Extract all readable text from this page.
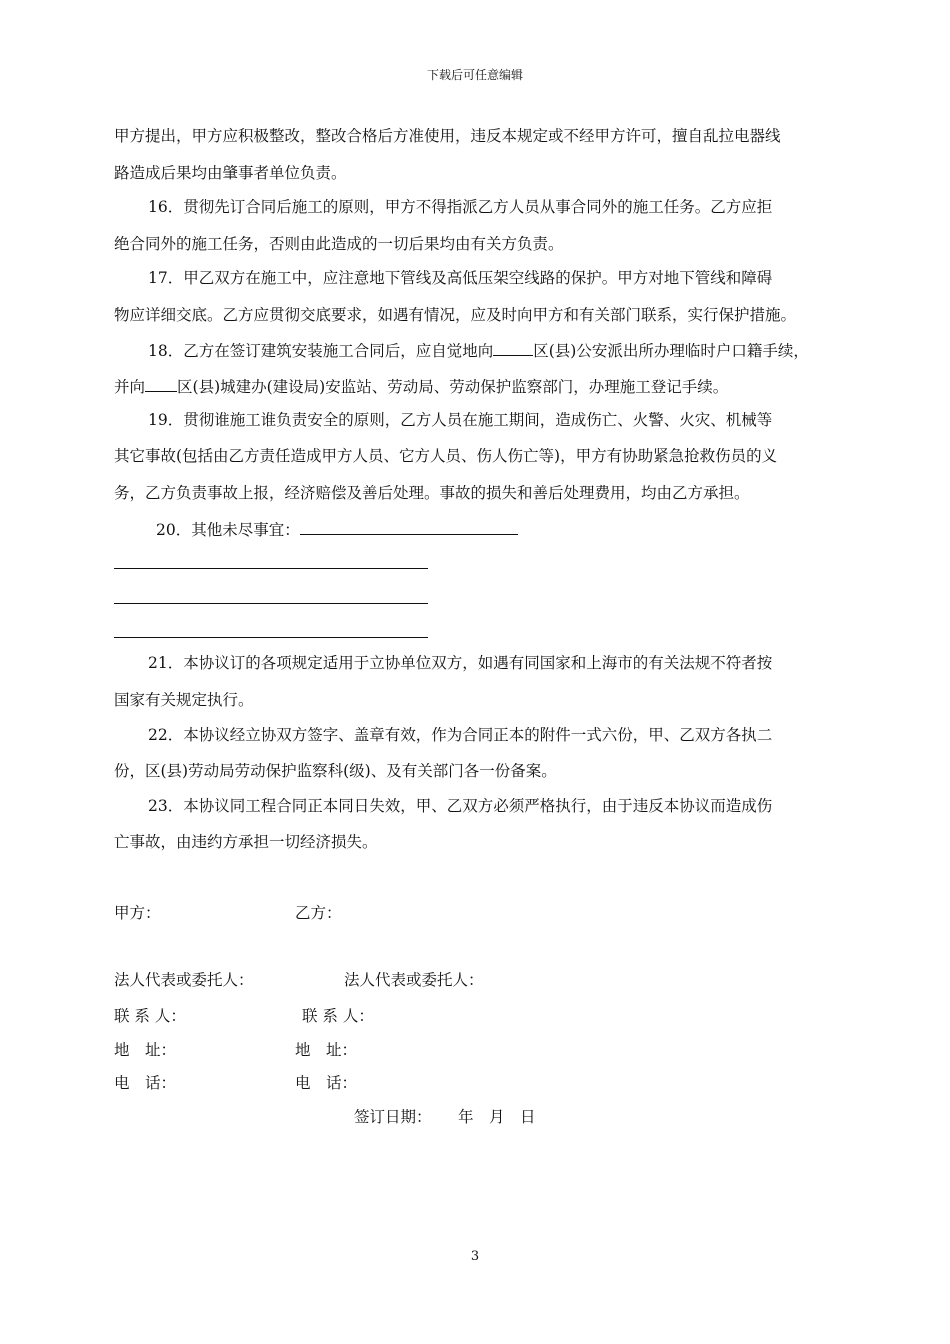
下载后可任意编辑
甲方提出，甲方应积极整改，整改合格后方准使用，违反本规定或不经甲方许可，擅自乱拉电器线
路造成后果均由肇事者单位负责。
16．贯彻先订合同后施工的原则，甲方不得指派乙方人员从事合同外的施工任务。乙方应拒
绝合同外的施工任务，否则由此造成的一切后果均由有关方负责。
17．甲乙双方在施工中，应注意地下管线及高低压架空线路的保护。甲方对地下管线和障碍
物应详细交底。乙方应贯彻交底要求，如遇有情况，应及时向甲方和有关部门联系，实行保护措施。
18．乙方在签订建筑安装施工合同后，应自觉地向	区(县)公安派出所办理临时户口籍手续，
并向 区(县)城建办(建设局)安监站、劳动局、劳动保护监察部门，办理施工登记手续。
19．贯彻谁施工谁负责安全的原则，乙方人员在施工期间，造成伤亡、火警、火灾、机械等
其它事故(包括由乙方责任造成甲方人员、它方人员、伤人伤亡等)，甲方有协助紧急抢救伤员的义
务，乙方负责事故上报，经济赔偿及善后处理。事故的损失和善后处理费用，均由乙方承担。
20．其他未尽事宜：
21．本协议订的各项规定适用于立协单位双方，如遇有同国家和上海市的有关法规不符者按
国家有关规定执行。
22．本协议经立协双方签字、盖章有效，作为合同正本的附件一式六份，甲、乙双方各执二
份，区(县)劳动局劳动保护监察科(级)、及有关部门各一份备案。
23．本协议同工程合同正本同日失效，甲、乙双方必须严格执行，由于违反本协议而造成伤
亡事故，由违约方承担一切经济损失。
甲方：	乙方：
法人代表或委托人：	法人代表或委托人：
联 系 人：	联 系 人：
地　址：	地　址：
电　话：	电　话：
签订日期： 年　月　日
3
